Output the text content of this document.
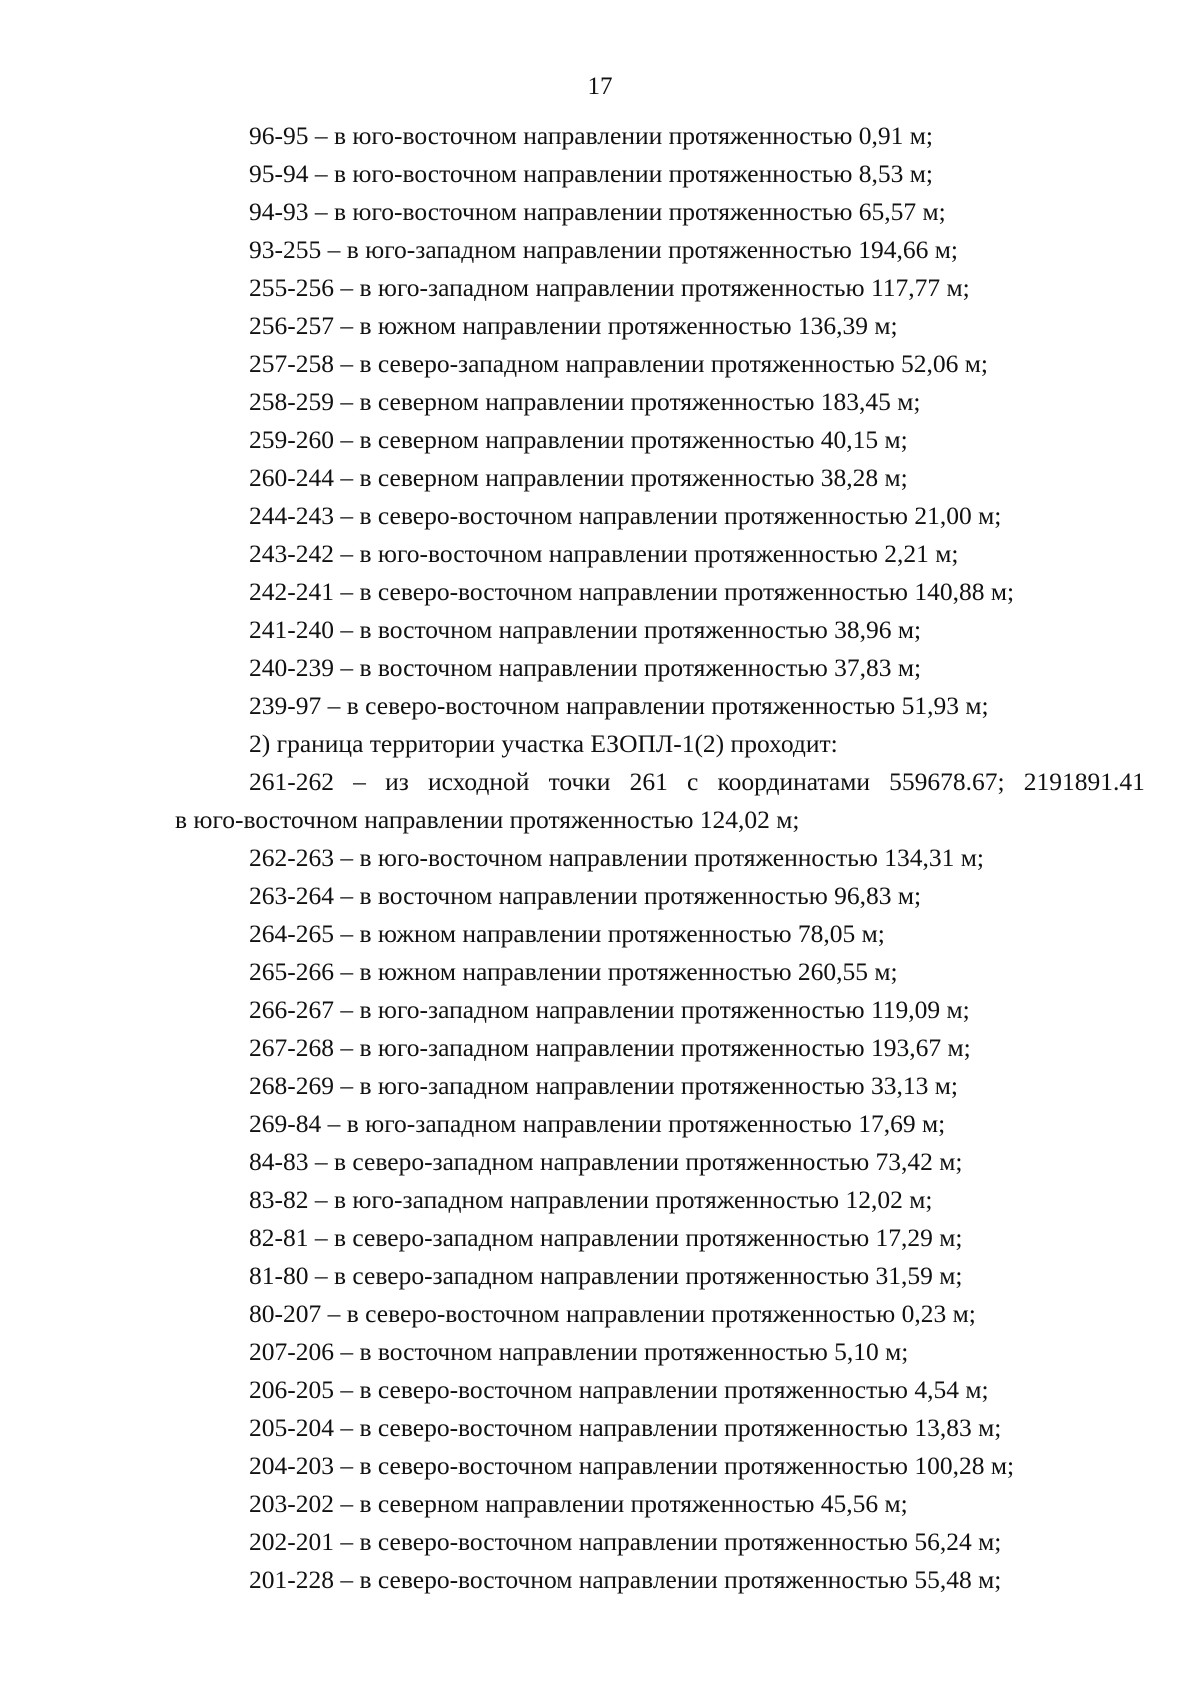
17
96-95 – в юго-восточном направлении протяженностью 0,91 м;
95-94 – в юго-восточном направлении протяженностью 8,53 м;
94-93 – в юго-восточном направлении протяженностью 65,57 м;
93-255 – в юго-западном направлении протяженностью 194,66 м;
255-256 – в юго-западном направлении протяженностью 117,77 м;
256-257 – в южном направлении протяженностью 136,39 м;
257-258 – в северо-западном направлении протяженностью 52,06 м;
258-259 – в северном направлении протяженностью 183,45 м;
259-260 – в северном направлении протяженностью 40,15 м;
260-244 – в северном направлении протяженностью 38,28 м;
244-243 – в северо-восточном направлении протяженностью 21,00 м;
243-242 – в юго-восточном направлении протяженностью 2,21 м;
242-241 – в северо-восточном направлении протяженностью 140,88 м;
241-240 – в восточном направлении протяженностью 38,96 м;
240-239 – в восточном направлении протяженностью 37,83 м;
239-97 – в северо-восточном направлении протяженностью 51,93 м;
2) граница территории участка ЕЗОПЛ-1(2) проходит:
261-262 – из исходной точки 261 с координатами 559678.67; 2191891.41
в юго-восточном направлении протяженностью 124,02 м;
262-263 – в юго-восточном направлении протяженностью 134,31 м;
263-264 – в восточном направлении протяженностью 96,83 м;
264-265 – в южном направлении протяженностью 78,05 м;
265-266 – в южном направлении протяженностью 260,55 м;
266-267 – в юго-западном направлении протяженностью 119,09 м;
267-268 – в юго-западном направлении протяженностью 193,67 м;
268-269 – в юго-западном направлении протяженностью 33,13 м;
269-84 – в юго-западном направлении протяженностью 17,69 м;
84-83 – в северо-западном направлении протяженностью 73,42 м;
83-82 – в юго-западном направлении протяженностью 12,02 м;
82-81 – в северо-западном направлении протяженностью 17,29 м;
81-80 – в северо-западном направлении протяженностью 31,59 м;
80-207 – в северо-восточном направлении протяженностью 0,23 м;
207-206 – в восточном направлении протяженностью 5,10 м;
206-205 – в северо-восточном направлении протяженностью 4,54 м;
205-204 – в северо-восточном направлении протяженностью 13,83 м;
204-203 – в северо-восточном направлении протяженностью 100,28 м;
203-202 – в северном направлении протяженностью 45,56 м;
202-201 – в северо-восточном направлении протяженностью 56,24 м;
201-228 – в северо-восточном направлении протяженностью 55,48 м;
